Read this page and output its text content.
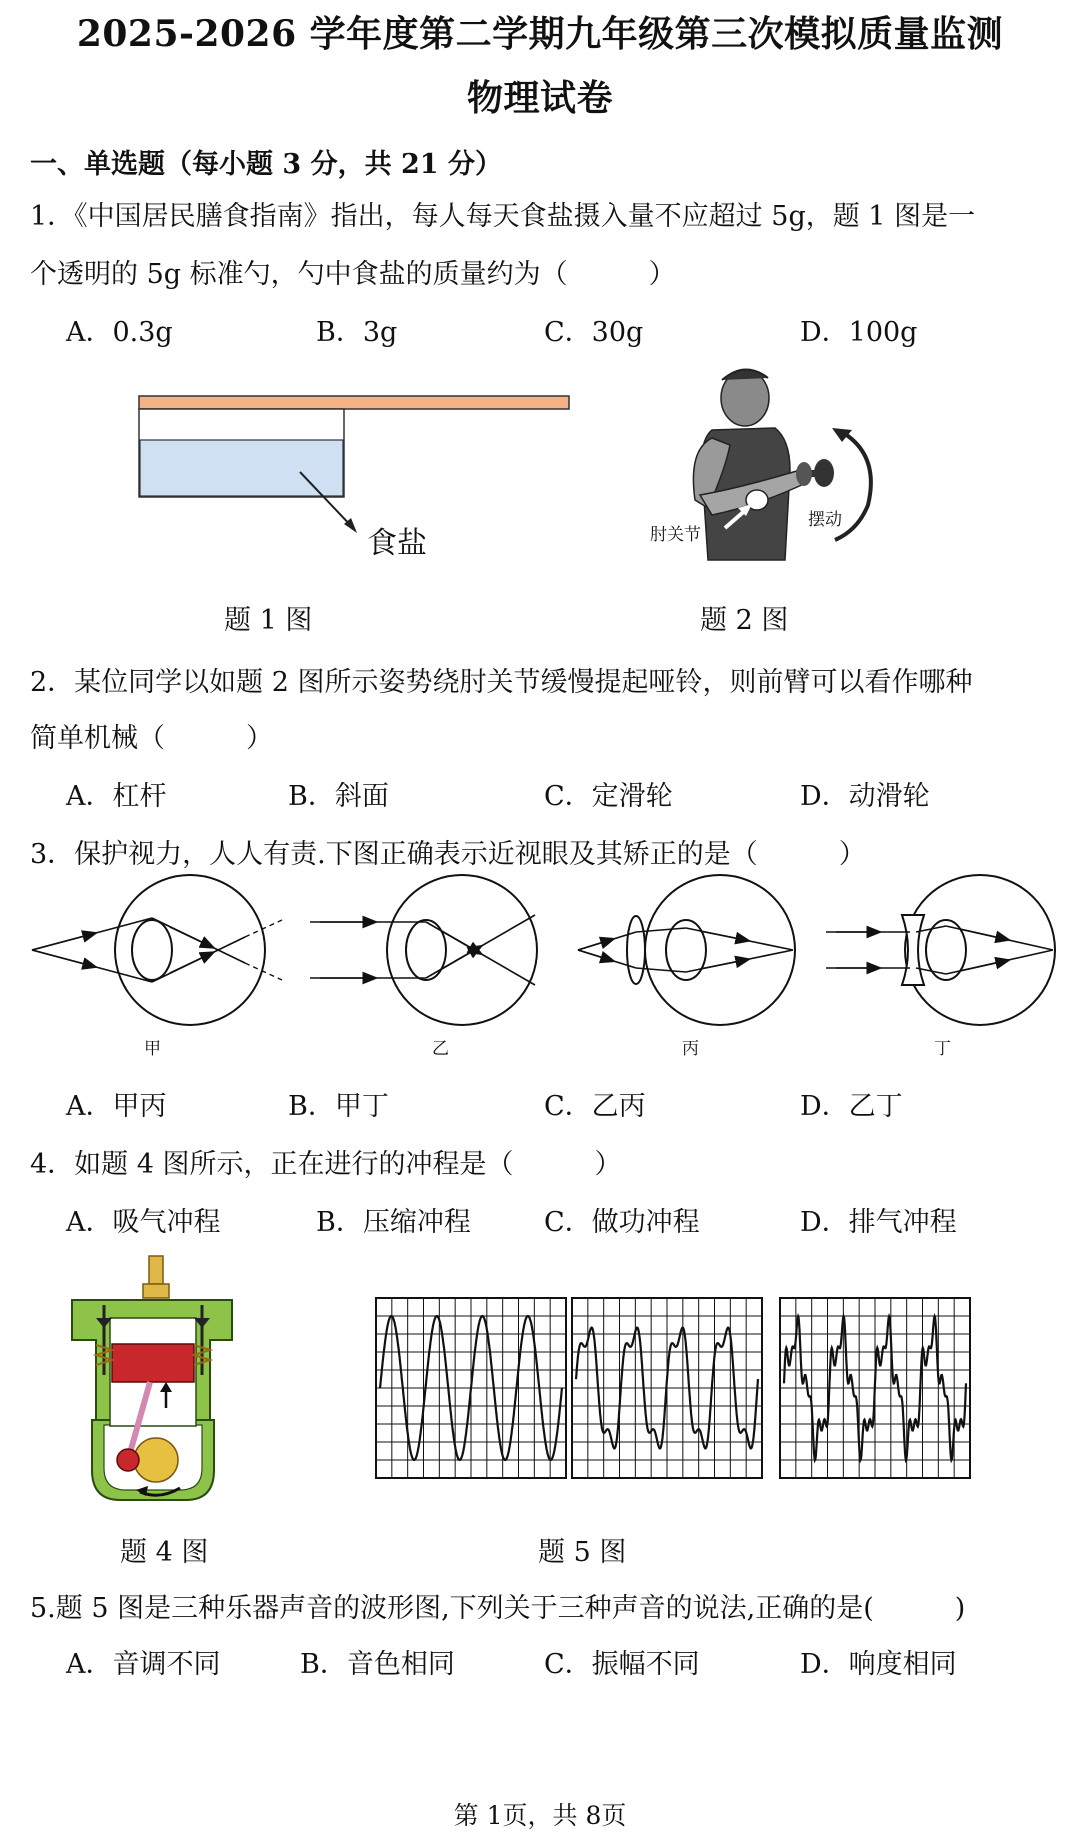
2025-2026 学年度第二学期九年级第三次模拟质量监测
物理试卷
一、单选题（每小题 3 分，共 21 分）
1．《中国居民膳食指南》指出，每人每天食盐摄入量不应超过 5g，题 1 图是一
个透明的 5g 标准勺，勺中食盐的质量约为（　　　）
A．0.3g	B．3g	C．30g	D．100g
食盐
题 1 图
肘关节
摆动
题 2 图
2．某位同学以如题 2 图所示姿势绕肘关节缓慢提起哑铃，则前臂可以看作哪种
简单机械（　　　）
A．杠杆	B．斜面	C．定滑轮	D．动滑轮
3．保护视力，人人有责.下图正确表示近视眼及其矫正的是（　　　）
甲	乙	丙	丁
A．甲丙	B．甲丁	C．乙丙	D．乙丁
4．如题 4 图所示，正在进行的冲程是（　　　）
A．吸气冲程	B．压缩冲程	C．做功冲程	D．排气冲程
题 4 图	题 5 图
5.题 5 图是三种乐器声音的波形图,下列关于三种声音的说法,正确的是(　　　)
A．音调不同	B．音色相同	C．振幅不同	D．响度相同
第 1页，共 8页
